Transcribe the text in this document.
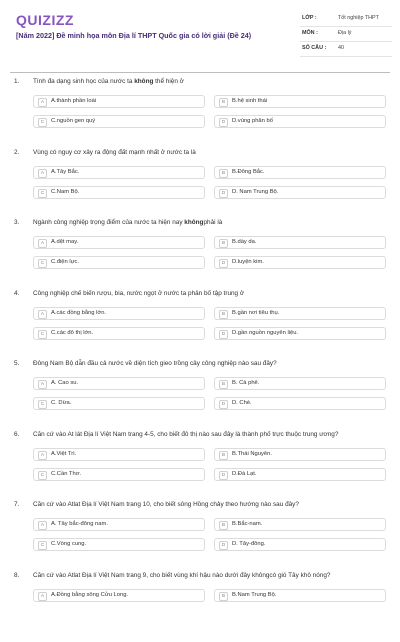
QUIZIZZ
[Năm 2022] Đề minh họa môn Địa lí THPT Quốc gia có lời giải (Đề 24)
LỚP :	Tốt nghiệp THPT
MÔN :	Địa lý
SỐ CÂU : 40
1. Tính đa dạng sinh học của nước ta không thể hiện ở
A	A.thành phần loài	B	B.hệ sinh thái
C	C.nguồn gen quý	D	D.vùng phân bố
2. Vùng có nguy cơ xảy ra động đất mạnh nhất ở nước ta là
A	A.Tây Bắc.	B	B.Đông Bắc.
C	C.Nam Bộ.	D	D. Nam Trung Bộ.
3. Ngành công nghiệp trọng điểm của nước ta hiện nay khôngphải là
A	A.dệt may.	B	B.dày da.
C	C.điện lực.	D	D.luyện kim.
4. Công nghiệp chế biến rượu, bia, nước ngọt ở nước ta phân bố tập trung ở
A	A.các đồng bằng lớn.	B	B.gần nơi tiêu thụ.
C	C.các đô thị lớn.	D	D.gần nguồn nguyên liệu.
5. Đông Nam Bộ dẫn đầu cả nước về diện tích gieo trồng cây công nghiệp nào sau đây?
A	A. Cao su.	B	B. Cà phê.
C	C. Dừa.	D	D. Chè.
6. Căn cứ vào At lát Địa lí Việt Nam trang 4-5, cho biết đô thị nào sau đây là thành phố trực thuộc trung ương?
A	A.Việt Trì.	B	B.Thái Nguyên.
C	C.Cần Thơ.	D	D.Đà Lạt.
7. Căn cứ vào Atlat Địa lí Việt Nam trang 10, cho biết sông Hồng chảy theo hướng nào sau đây?
A	A. Tây bắc-đông nam.	B	B.Bắc-nam.
C	C.Vòng cung.	D	D. Tây-đông.
8. Căn cứ vào Atlat Địa lí Việt Nam trang 9, cho biết vùng khí hậu nào dưới đây khôngcó gió Tây khô nóng?
A	A.Đồng bằng sông Cửu Long.	B	B.Nam Trung Bộ.
